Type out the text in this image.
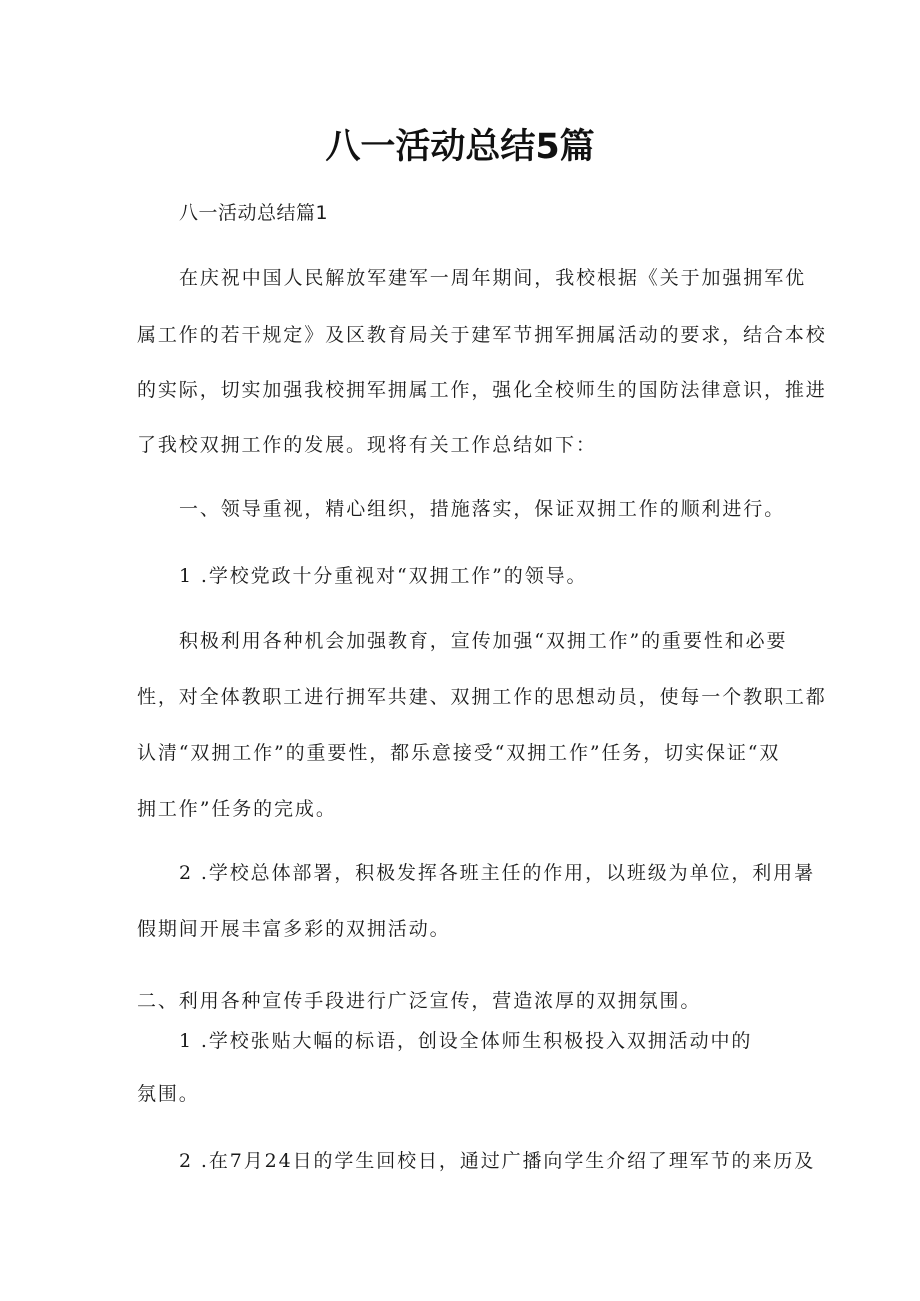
八一活动总结5篇
八一活动总结篇1
在庆祝中国人民解放军建军一周年期间，我校根据《关于加强拥军优
属工作的若干规定》及区教育局关于建军节拥军拥属活动的要求，结合本校
的实际，切实加强我校拥军拥属工作，强化全校师生的国防法律意识，推进
了我校双拥工作的发展。现将有关工作总结如下：
一、领导重视，精心组织，措施落实，保证双拥工作的顺利进行。
1 .学校党政十分重视对“双拥工作”的领导。
积极利用各种机会加强教育，宣传加强“双拥工作”的重要性和必要
性，对全体教职工进行拥军共建、双拥工作的思想动员，使每一个教职工都
认清“双拥工作”的重要性，都乐意接受“双拥工作”任务，切实保证“双
拥工作”任务的完成。
2 .学校总体部署，积极发挥各班主任的作用，以班级为单位，利用暑
假期间开展丰富多彩的双拥活动。
二、利用各种宣传手段进行广泛宣传，营造浓厚的双拥氛围。
1 .学校张贴大幅的标语，创设全体师生积极投入双拥活动中的
氛围。
2 .在7月24日的学生回校日，通过广播向学生介绍了理军节的来历及
